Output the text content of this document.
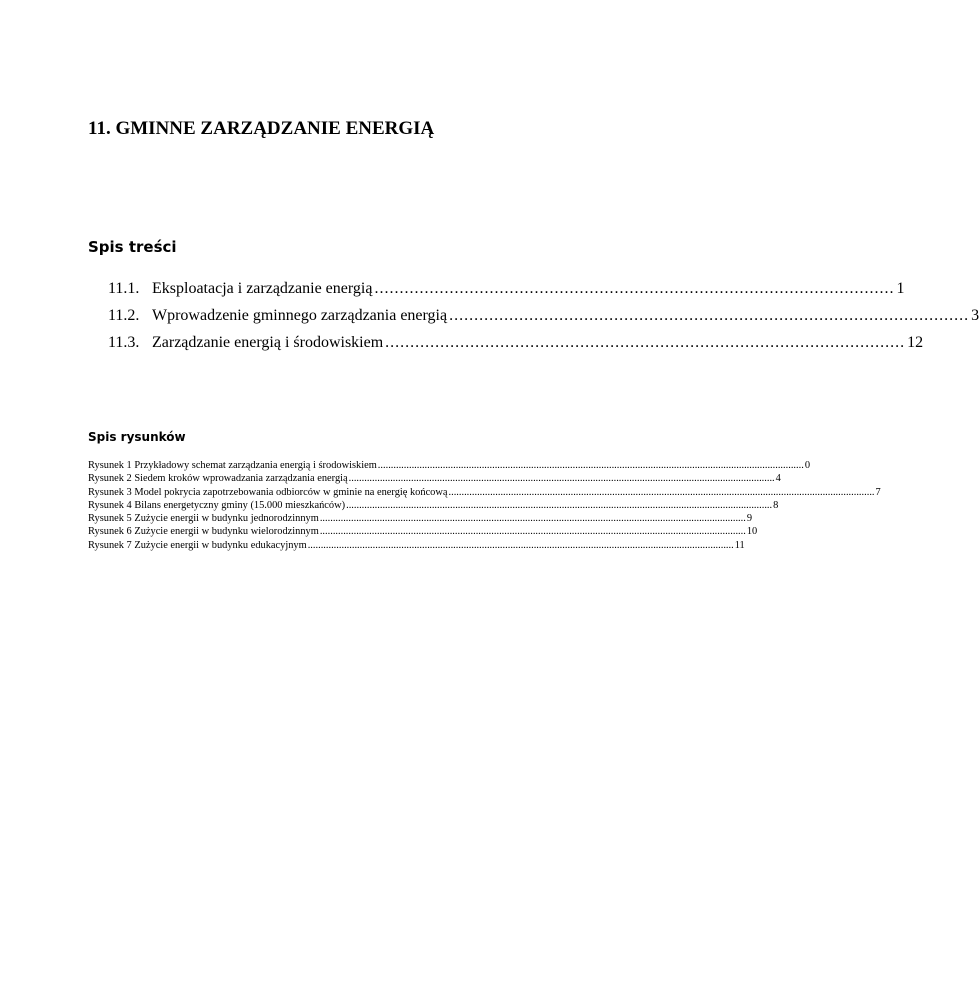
11. GMINNE ZARZĄDZANIE ENERGIĄ
Spis treści
11.1. Eksploatacja i zarządzanie energią ........................................................................................................ 1
11.2. Wprowadzenie gminnego zarządzania energią ........................................................................................................ 3
11.3. Zarządzanie energią i środowiskiem ........................................................................................................ 12
Spis rysunków
Rysunek 1 Przykładowy schemat zarządzania energią i środowiskiem .................................................................................................................................................................... 0
Rysunek 2 Siedem kroków wprowadzania zarządzania energią .................................................................................................................................................................... 4
Rysunek 3 Model pokrycia zapotrzebowania odbiorców w gminie na energię końcową .................................................................................................................................................................... 7
Rysunek 4 Bilans energetyczny gminy (15.000 mieszkańców) .................................................................................................................................................................... 8
Rysunek 5 Zużycie energii w budynku jednorodzinnym .................................................................................................................................................................... 9
Rysunek 6 Zużycie energii w budynku wielorodzinnym .................................................................................................................................................................... 10
Rysunek 7 Zużycie energii w budynku edukacyjnym .................................................................................................................................................................... 11
